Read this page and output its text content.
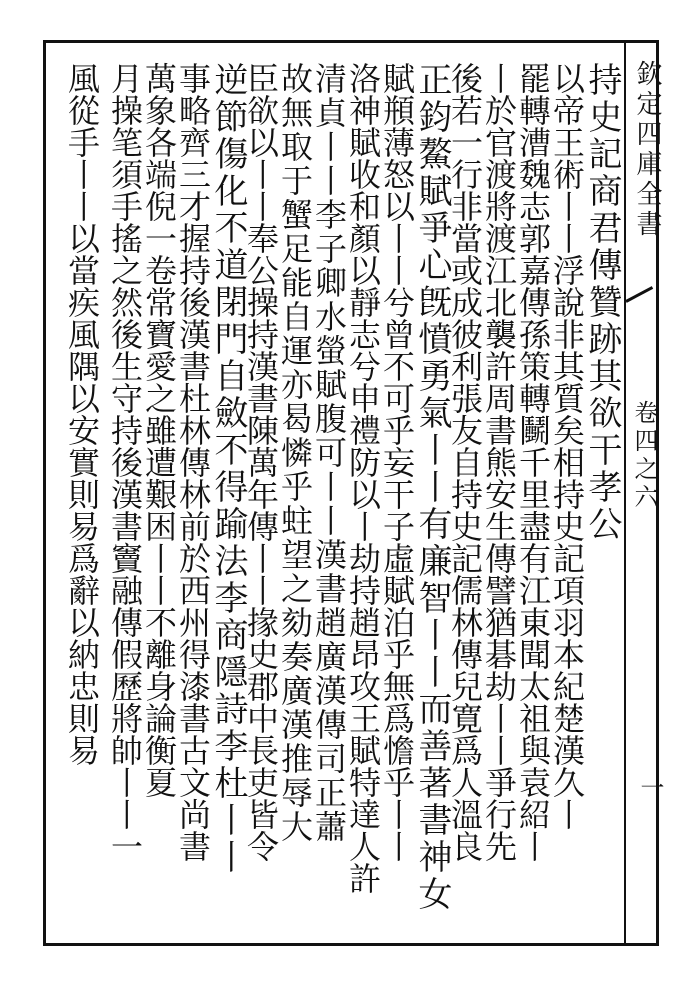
欽定四庫全書
卷四之六
一
持史記商君傳贊跡其欲干孝公
以帝王術丨丨浮說非其質矣相持史記項羽本紀楚漢久丨
罷轉漕魏志郭嘉傳孫策轉鬭千里盡有江東聞太祖與袁紹丨
丨於官渡將渡江北襲許周書熊安生傳譬猶碁劫丨丨爭行先
後若一行非當或成彼利張友自持史記儒林傳兒寛爲人溫良
正鈞鰲賦爭心旣憤勇氣丨丨有廉智丨丨而善著書神女
賦頩薄怒以丨丨兮曾不可乎妄干子虛賦泊乎無爲憺乎丨丨
洛神賦收和顏以靜志兮申禮防以丨劫持趙昂攻王賦特達人許
清貞丨丨李子卿水螢賦腹可丨丨漢書趙廣漢傳司正蕭
故無取于蟹足能自運亦曷憐乎蛀望之劾奏廣漢推辱大
臣欲以丨丨奉公操持漢書陳萬年傳丨丨掾史郡中長吏皆令
逆節傷化不道閉門自斂不得踰法李商隱詩李杜丨丨
事略齊三才握持後漢書杜林傳林前於西州得漆書古文尚書
萬象各端倪一卷常寶愛之雖遭艱困丨丨不離身論衡夏
月操笔須手搖之然後生守持後漢書竇融傳假歷將帥丨丨一
風從手丨丨以當疾風隅以安實則易爲辭以納忠則易
